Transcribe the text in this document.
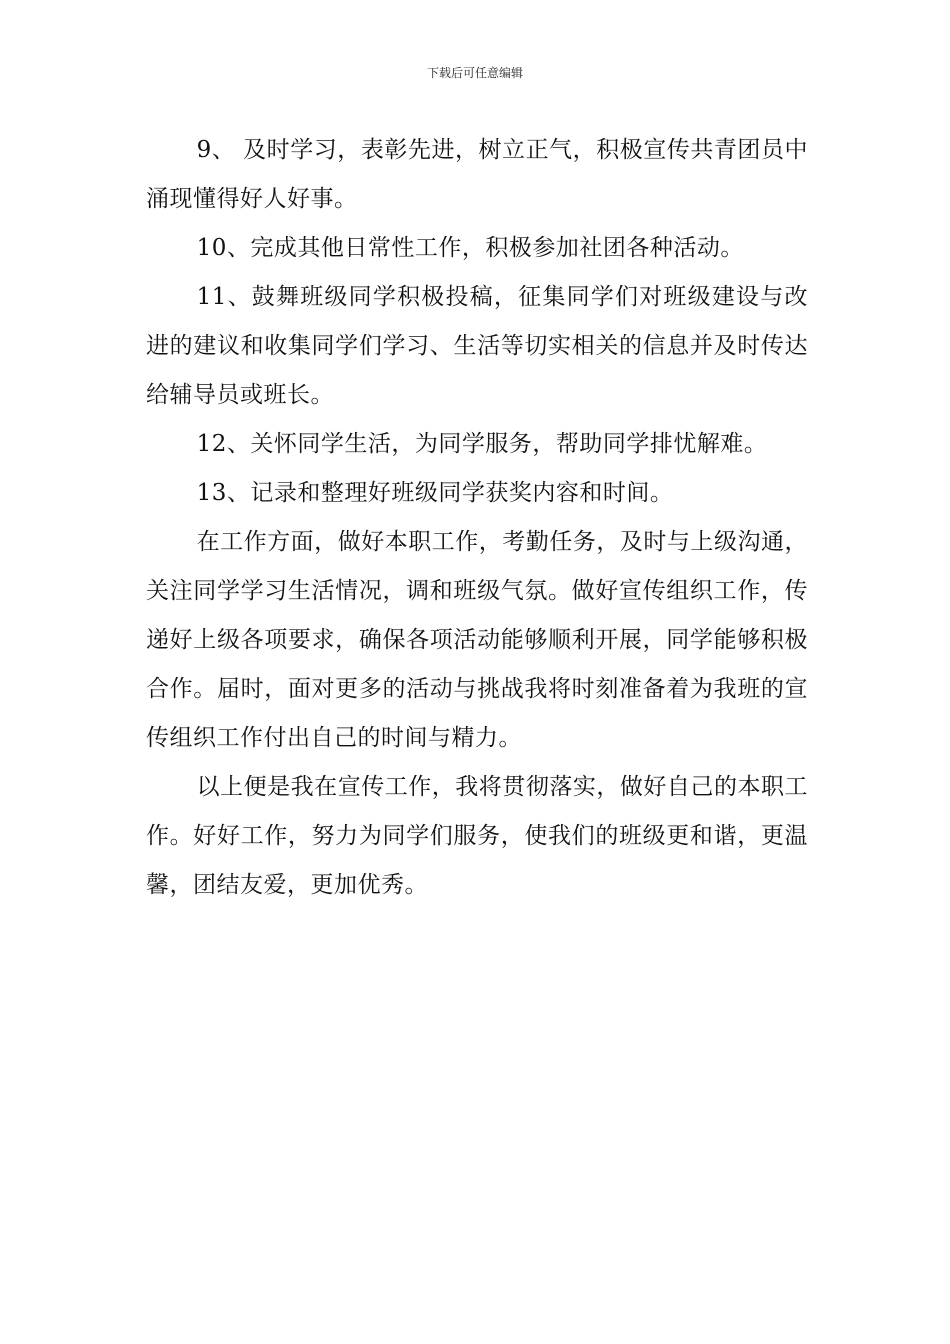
下载后可任意编辑

9、 及时学习，表彰先进，树立正气，积极宣传共青团员中涌现懂得好人好事。

10、完成其他日常性工作，积极参加社团各种活动。

11、鼓舞班级同学积极投稿，征集同学们对班级建设与改进的建议和收集同学们学习、生活等切实相关的信息并及时传达给辅导员或班长。

12、关怀同学生活，为同学服务，帮助同学排忧解难。

13、记录和整理好班级同学获奖内容和时间。

在工作方面，做好本职工作，考勤任务，及时与上级沟通，关注同学学习生活情况，调和班级气氛。做好宣传组织工作，传递好上级各项要求，确保各项活动能够顺利开展，同学能够积极合作。届时，面对更多的活动与挑战我将时刻准备着为我班的宣传组织工作付出自己的时间与精力。

以上便是我在宣传工作，我将贯彻落实，做好自己的本职工作。好好工作，努力为同学们服务，使我们的班级更和谐，更温馨，团结友爱，更加优秀。
